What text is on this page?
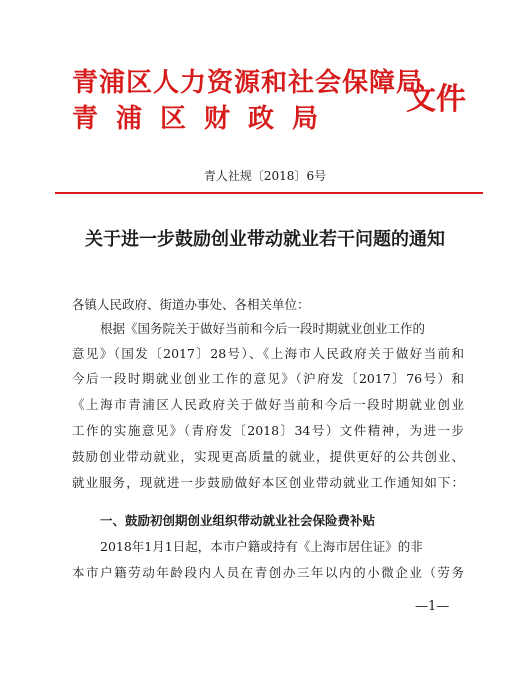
青浦区人力资源和社会保障局
青浦区财政局
文件
青人社规〔2018〕6号
关于进一步鼓励创业带动就业若干问题的通知
各镇人民政府、街道办事处、各相关单位：
根据《国务院关于做好当前和今后一段时期就业创业工作的
意见》（国发〔2017〕28号）、《上海市人民政府关于做好当前和
今后一段时期就业创业工作的意见》（沪府发〔2017〕76号）和
《上海市青浦区人民政府关于做好当前和今后一段时期就业创业
工作的实施意见》（青府发〔2018〕34号）文件精神，为进一步
鼓励创业带动就业，实现更高质量的就业，提供更好的公共创业、
就业服务，现就进一步鼓励做好本区创业带动就业工作通知如下：
一、鼓励初创期创业组织带动就业社会保险费补贴
2018年1月1日起，本市户籍或持有《上海市居住证》的非
本市户籍劳动年龄段内人员在青创办三年以内的小微企业（劳务
—1—
